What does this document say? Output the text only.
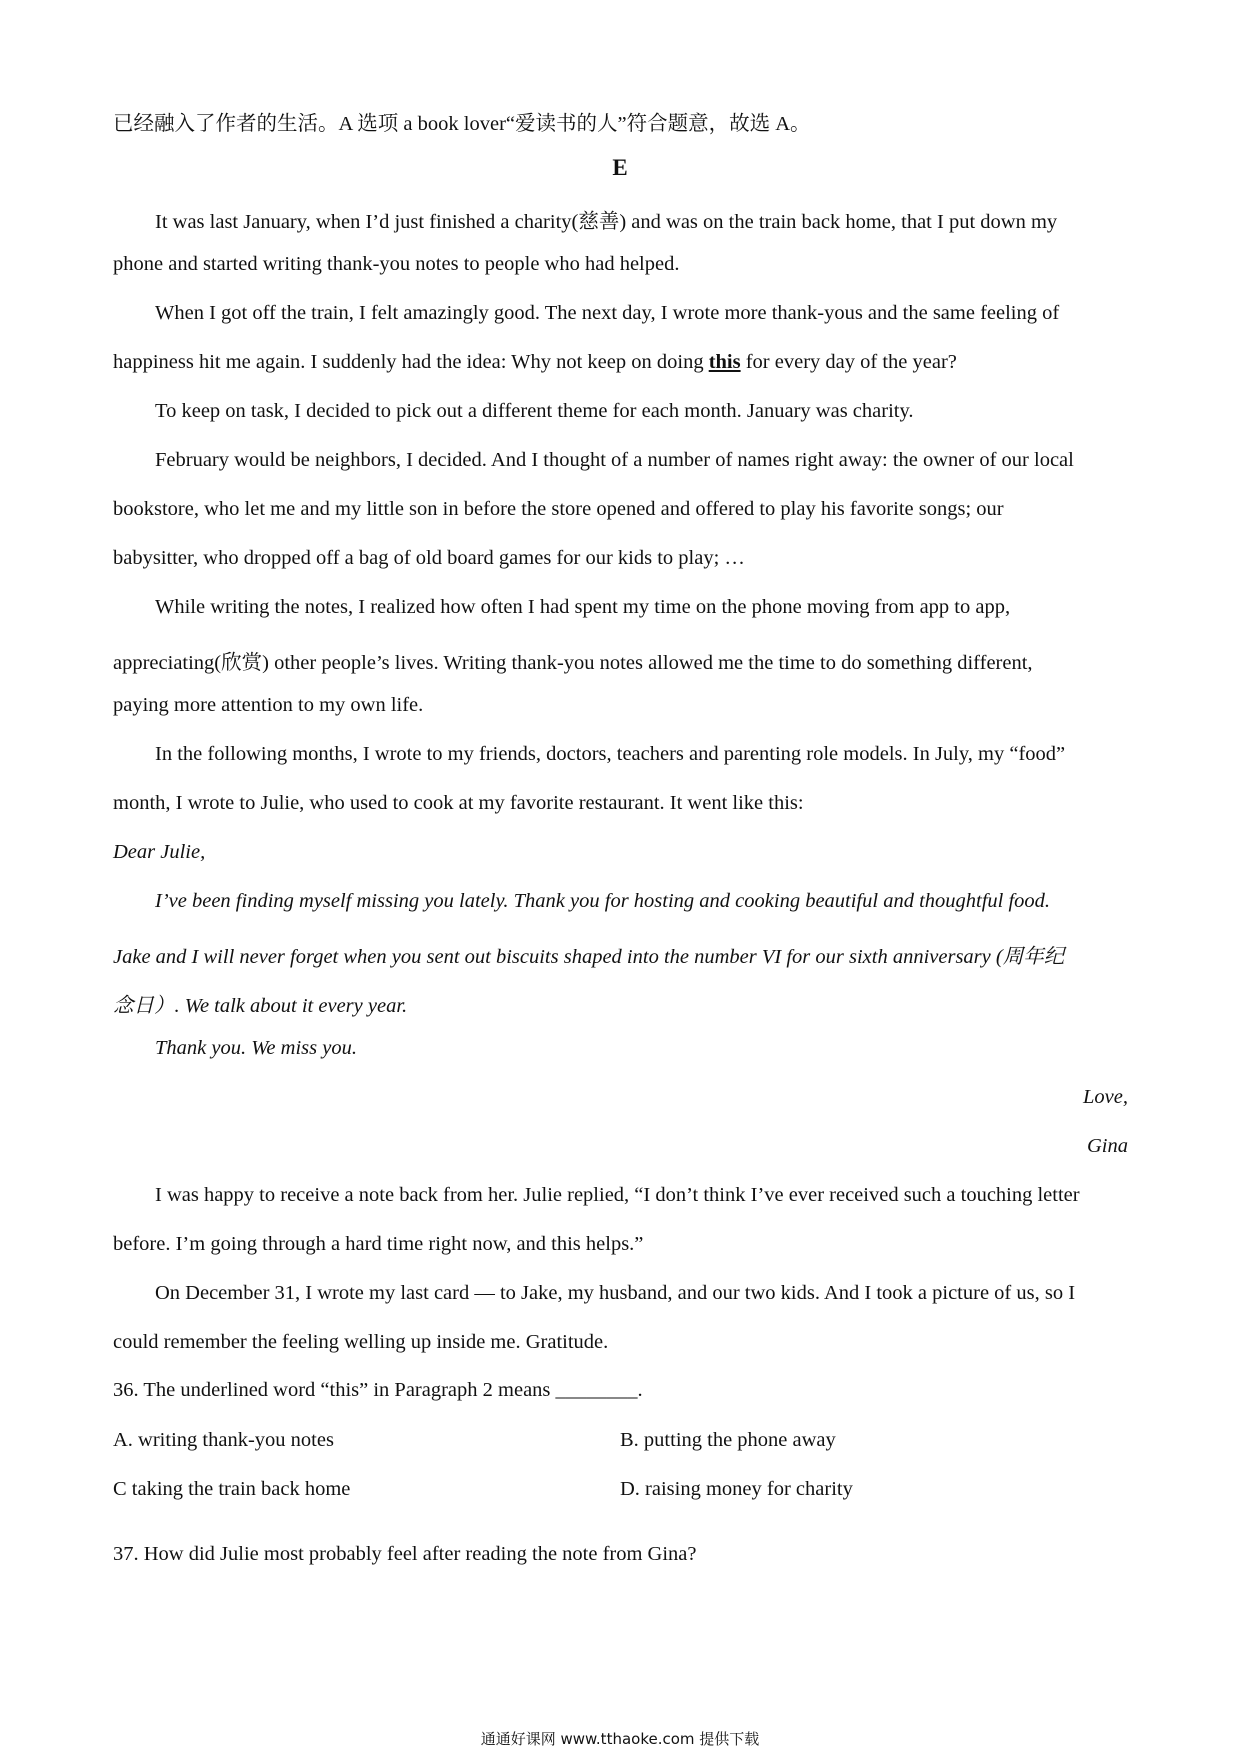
已经融入了作者的生活。A 选项 a book lover“爱读书的人”符合题意，故选 A。
E
It was last January, when I’d just finished a charity(慈善) and was on the train back home, that I put down my
phone and started writing thank-you notes to people who had helped.
When I got off the train, I felt amazingly good. The next day, I wrote more thank-yous and the same feeling of
happiness hit me again. I suddenly had the idea: Why not keep on doing this for every day of the year?
To keep on task, I decided to pick out a different theme for each month. January was charity.
February would be neighbors, I decided. And I thought of a number of names right away: the owner of our local
bookstore, who let me and my little son in before the store opened and offered to play his favorite songs; our
babysitter, who dropped off a bag of old board games for our kids to play; …
While writing the notes, I realized how often I had spent my time on the phone moving from app to app,
appreciating(欣赏) other people’s lives. Writing thank-you notes allowed me the time to do something different,
paying more attention to my own life.
In the following months, I wrote to my friends, doctors, teachers and parenting role models. In July, my “food”
month, I wrote to Julie, who used to cook at my favorite restaurant. It went like this:
Dear Julie,
I’ve been finding myself missing you lately. Thank you for hosting and cooking beautiful and thoughtful food.
Jake and I will never forget when you sent out biscuits shaped into the number VI for our sixth anniversary (周年纪
念日）. We talk about it every year.
Thank you. We miss you.
Love,
Gina
I was happy to receive a note back from her. Julie replied, “I don’t think I’ve ever received such a touching letter
before. I’m going through a hard time right now, and this helps.”
On December 31, I wrote my last card — to Jake, my husband, and our two kids. And I took a picture of us, so I
could remember the feeling welling up inside me. Gratitude.
36. The underlined word “this” in Paragraph 2 means ________.
A. writing thank-you notes	B. putting the phone away
C taking the train back home	D. raising money for charity
37. How did Julie most probably feel after reading the note from Gina?
通通好课网 www.tthaoke.com 提供下载
